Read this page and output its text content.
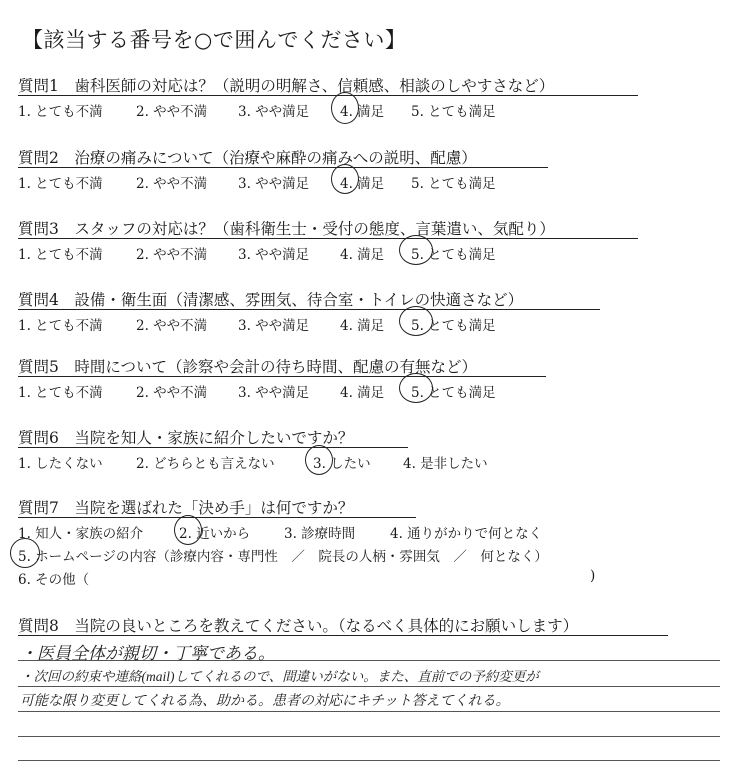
【該当する番号を○で囲んでください】
質問1　歯科医師の対応は？（説明の明解さ、信頼感、相談のしやすさなど）
1. とても不満 2. やや不満 3. やや満足 4. 満足 5. とても満足
質問2　治療の痛みについて（治療や麻酔の痛みへの説明、配慮）
1. とても不満 2. やや不満 3. やや満足 4. 満足 5. とても満足
質問3　スタッフの対応は？（歯科衛生士・受付の態度、言葉遣い、気配り）
1. とても不満 2. やや不満 3. やや満足 4. 満足 5. とても満足
質問4　設備・衛生面（清潔感、雰囲気、待合室・トイレの快適さなど）
1. とても不満 2. やや不満 3. やや満足 4. 満足 5. とても満足
質問5　時間について（診察や会計の待ち時間、配慮の有無など）
1. とても不満 2. やや不満 3. やや満足 4. 満足 5. とても満足
質問6　当院を知人・家族に紹介したいですか？
1. したくない 2. どちらとも言えない	3. したい 4. 是非したい
質問7　当院を選ばれた「決め手」は何ですか？
1. 知人・家族の紹介	2. 近いから	3. 診療時間	4. 通りがかりで何となく
5. ホームページの内容（診療内容・専門性　／　院長の人柄・雰囲気　／　何となく）
6. その他（	)
質問8　当院の良いところを教えてください。（なるべく具体的にお願いします）
・医員全体が親切・丁寧である。
・次回の約束や連絡(mail)してくれるので、間違いがない。また、直前での予約変更が
可能な限り変更してくれる為、助かる。患者の対応にキチット答えてくれる。
